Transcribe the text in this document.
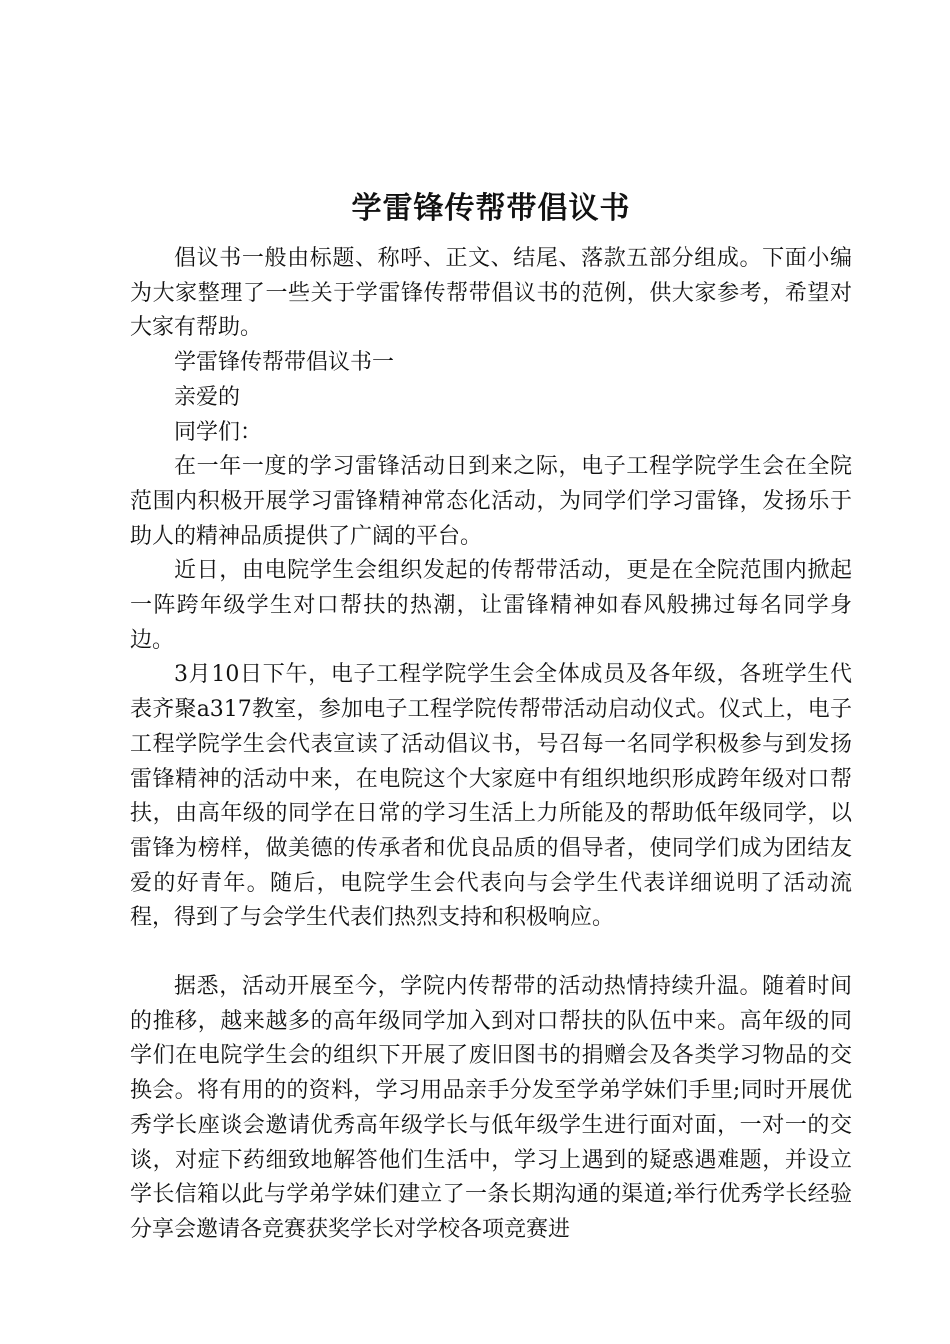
学雷锋传帮带倡议书

倡议书一般由标题、称呼、正文、结尾、落款五部分组成。下面小编为大家整理了一些关于学雷锋传帮带倡议书的范例，供大家参考，希望对大家有帮助。

学雷锋传帮带倡议书一

亲爱的

同学们：

在一年一度的学习雷锋活动日到来之际，电子工程学院学生会在全院范围内积极开展学习雷锋精神常态化活动，为同学们学习雷锋，发扬乐于助人的精神品质提供了广阔的平台。

近日，由电院学生会组织发起的传帮带活动，更是在全院范围内掀起一阵跨年级学生对口帮扶的热潮，让雷锋精神如春风般拂过每名同学身边。

3月10日下午，电子工程学院学生会全体成员及各年级，各班学生代表齐聚a317教室，参加电子工程学院传帮带活动启动仪式。仪式上，电子工程学院学生会代表宣读了活动倡议书，号召每一名同学积极参与到发扬雷锋精神的活动中来，在电院这个大家庭中有组织地织形成跨年级对口帮扶，由高年级的同学在日常的学习生活上力所能及的帮助低年级同学，以雷锋为榜样，做美德的传承者和优良品质的倡导者，使同学们成为团结友爱的好青年。随后，电院学生会代表向与会学生代表详细说明了活动流程，得到了与会学生代表们热烈支持和积极响应。

据悉，活动开展至今，学院内传帮带的活动热情持续升温。随着时间的推移，越来越多的高年级同学加入到对口帮扶的队伍中来。高年级的同学们在电院学生会的组织下开展了废旧图书的捐赠会及各类学习物品的交换会。将有用的的资料，学习用品亲手分发至学弟学妹们手里;同时开展优秀学长座谈会邀请优秀高年级学长与低年级学生进行面对面，一对一的交谈，对症下药细致地解答他们生活中，学习上遇到的疑惑遇难题，并设立学长信箱以此与学弟学妹们建立了一条长期沟通的渠道;举行优秀学长经验分享会邀请各竞赛获奖学长对学校各项竞赛进
